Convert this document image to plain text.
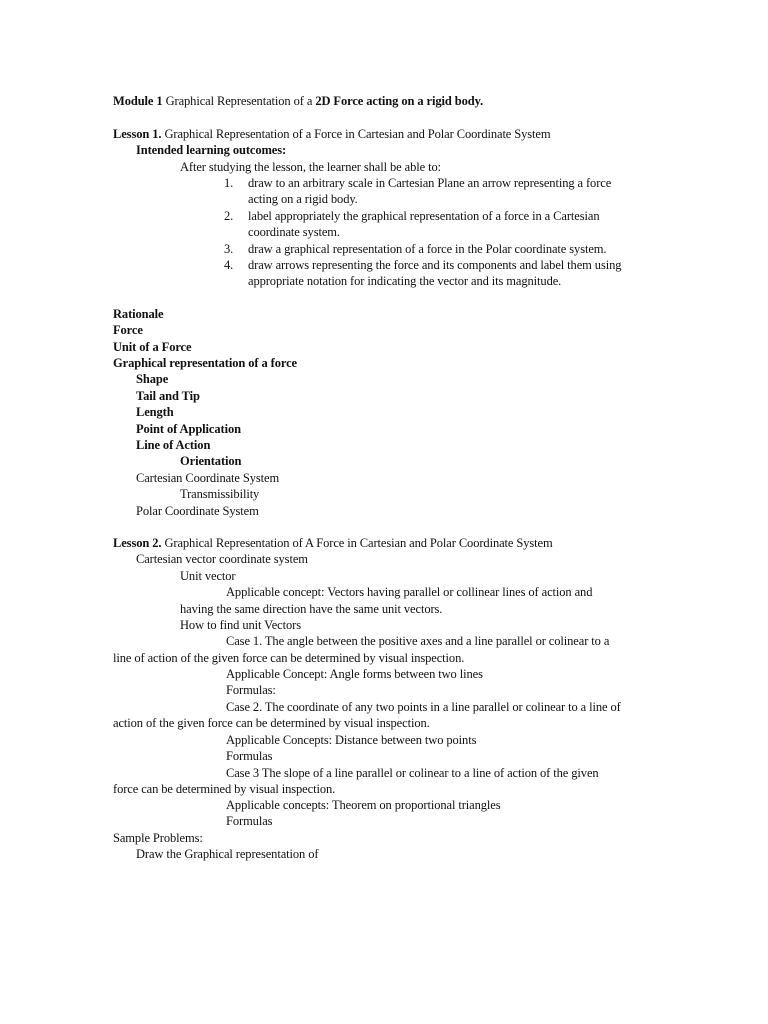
Module 1 Graphical Representation of a 2D Force acting on a rigid body.
Lesson 1. Graphical Representation of a Force in Cartesian and Polar Coordinate System
Intended learning outcomes:
After studying the lesson, the learner shall be able to:
1. draw to an arbitrary scale in Cartesian Plane an arrow representing a force
acting on a rigid body.
2. label appropriately the graphical representation of a force in a Cartesian
coordinate system.
3. draw a graphical representation of a force in the Polar coordinate system.
4. draw arrows representing the force and its components and label them using
appropriate notation for indicating the vector and its magnitude.
Rationale
Force
Unit of a Force
Graphical representation of a force
Shape
Tail and Tip
Length
Point of Application
Line of Action
Orientation
Cartesian Coordinate System
Transmissibility
Polar Coordinate System
Lesson 2. Graphical Representation of A Force in Cartesian and Polar Coordinate System
Cartesian vector coordinate system
Unit vector
Applicable concept: Vectors having parallel or collinear lines of action and
having the same direction have the same unit vectors.
How to find unit Vectors
Case 1. The angle between the positive axes and a line parallel or colinear to a
line of action of the given force can be determined by visual inspection.
Applicable Concept: Angle forms between two lines
Formulas:
Case 2. The coordinate of any two points in a line parallel or colinear to a line of
action of the given force can be determined by visual inspection.
Applicable Concepts: Distance between two points
Formulas
Case 3 The slope of a line parallel or colinear to a line of action of the given
force can be determined by visual inspection.
Applicable concepts: Theorem on proportional triangles
Formulas
Sample Problems:
Draw the Graphical representation of
